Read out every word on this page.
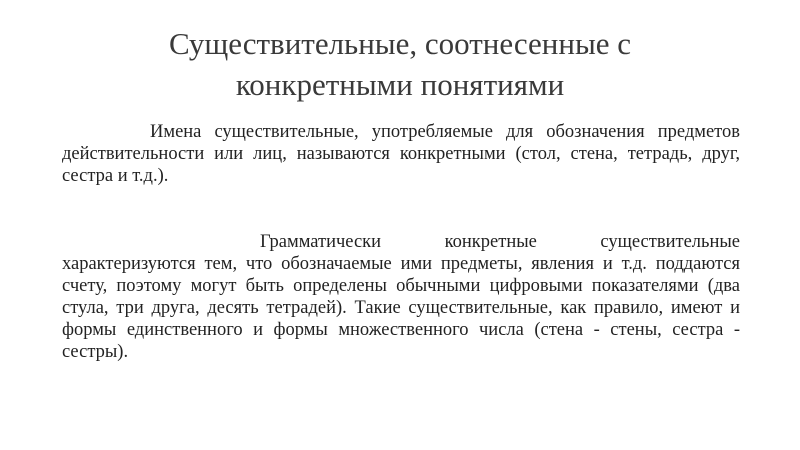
Существительные, соотнесенные с
конкретными понятиями

Имена существительные, употребляемые для обозначения предметов действительности или лиц, называются конкретными (стол, стена, тетрадь, друг, сестра и т.д.).

Грамматически конкретные существительные характеризуются тем, что обозначаемые ими предметы, явления и т.д. поддаются счету, поэтому могут быть определены обычными цифровыми показателями (два стула, три друга, десять тетрадей). Такие существительные, как правило, имеют и формы единственного и формы множественного числа (стена - стены, сестра - сестры).
